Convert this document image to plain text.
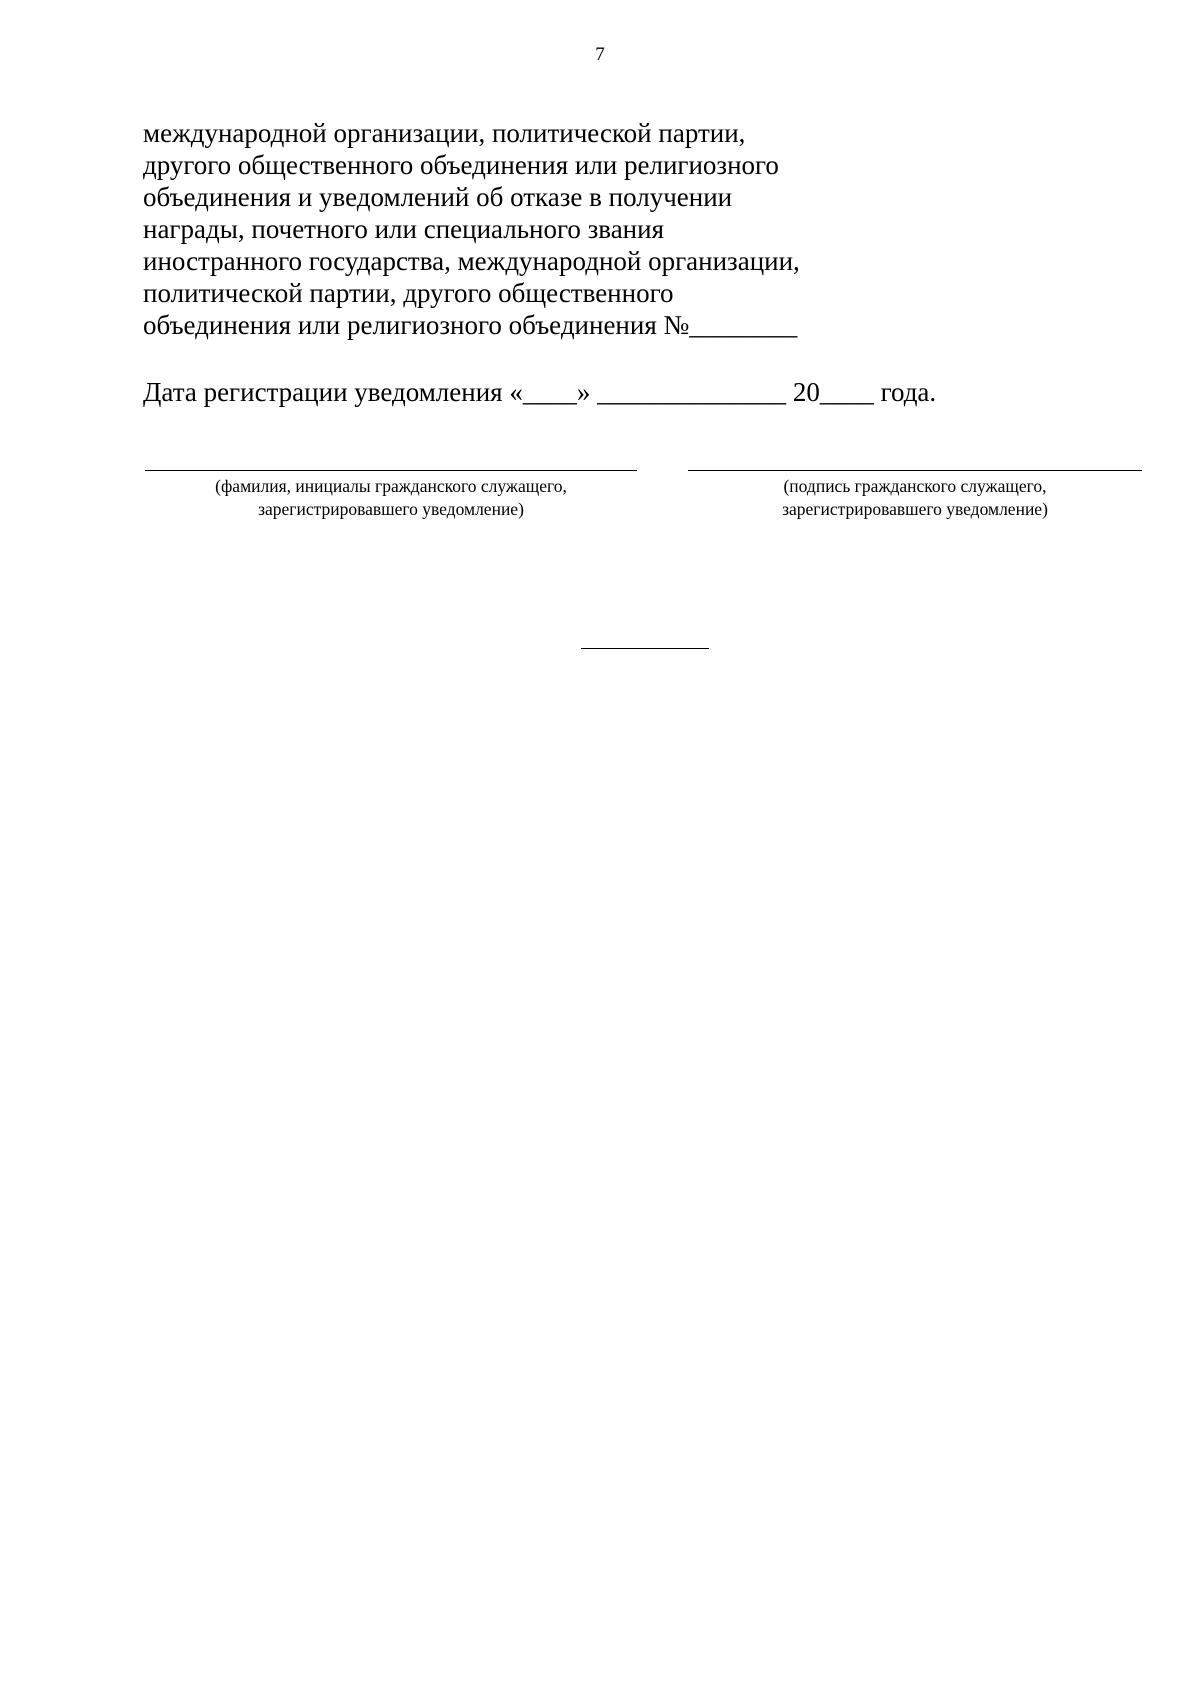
7
международной организации, политической партии,
другого общественного объединения или религиозного
объединения и уведомлений об отказе в получении
награды, почетного или специального звания
иностранного государства, международной организации,
политической партии, другого общественного
объединения или религиозного объединения №________
Дата регистрации уведомления «____» ______________ 20____ года.
(фамилия, инициалы гражданского служащего,
зарегистрировавшего уведомление)
(подпись гражданского служащего,
зарегистрировавшего уведомление)
